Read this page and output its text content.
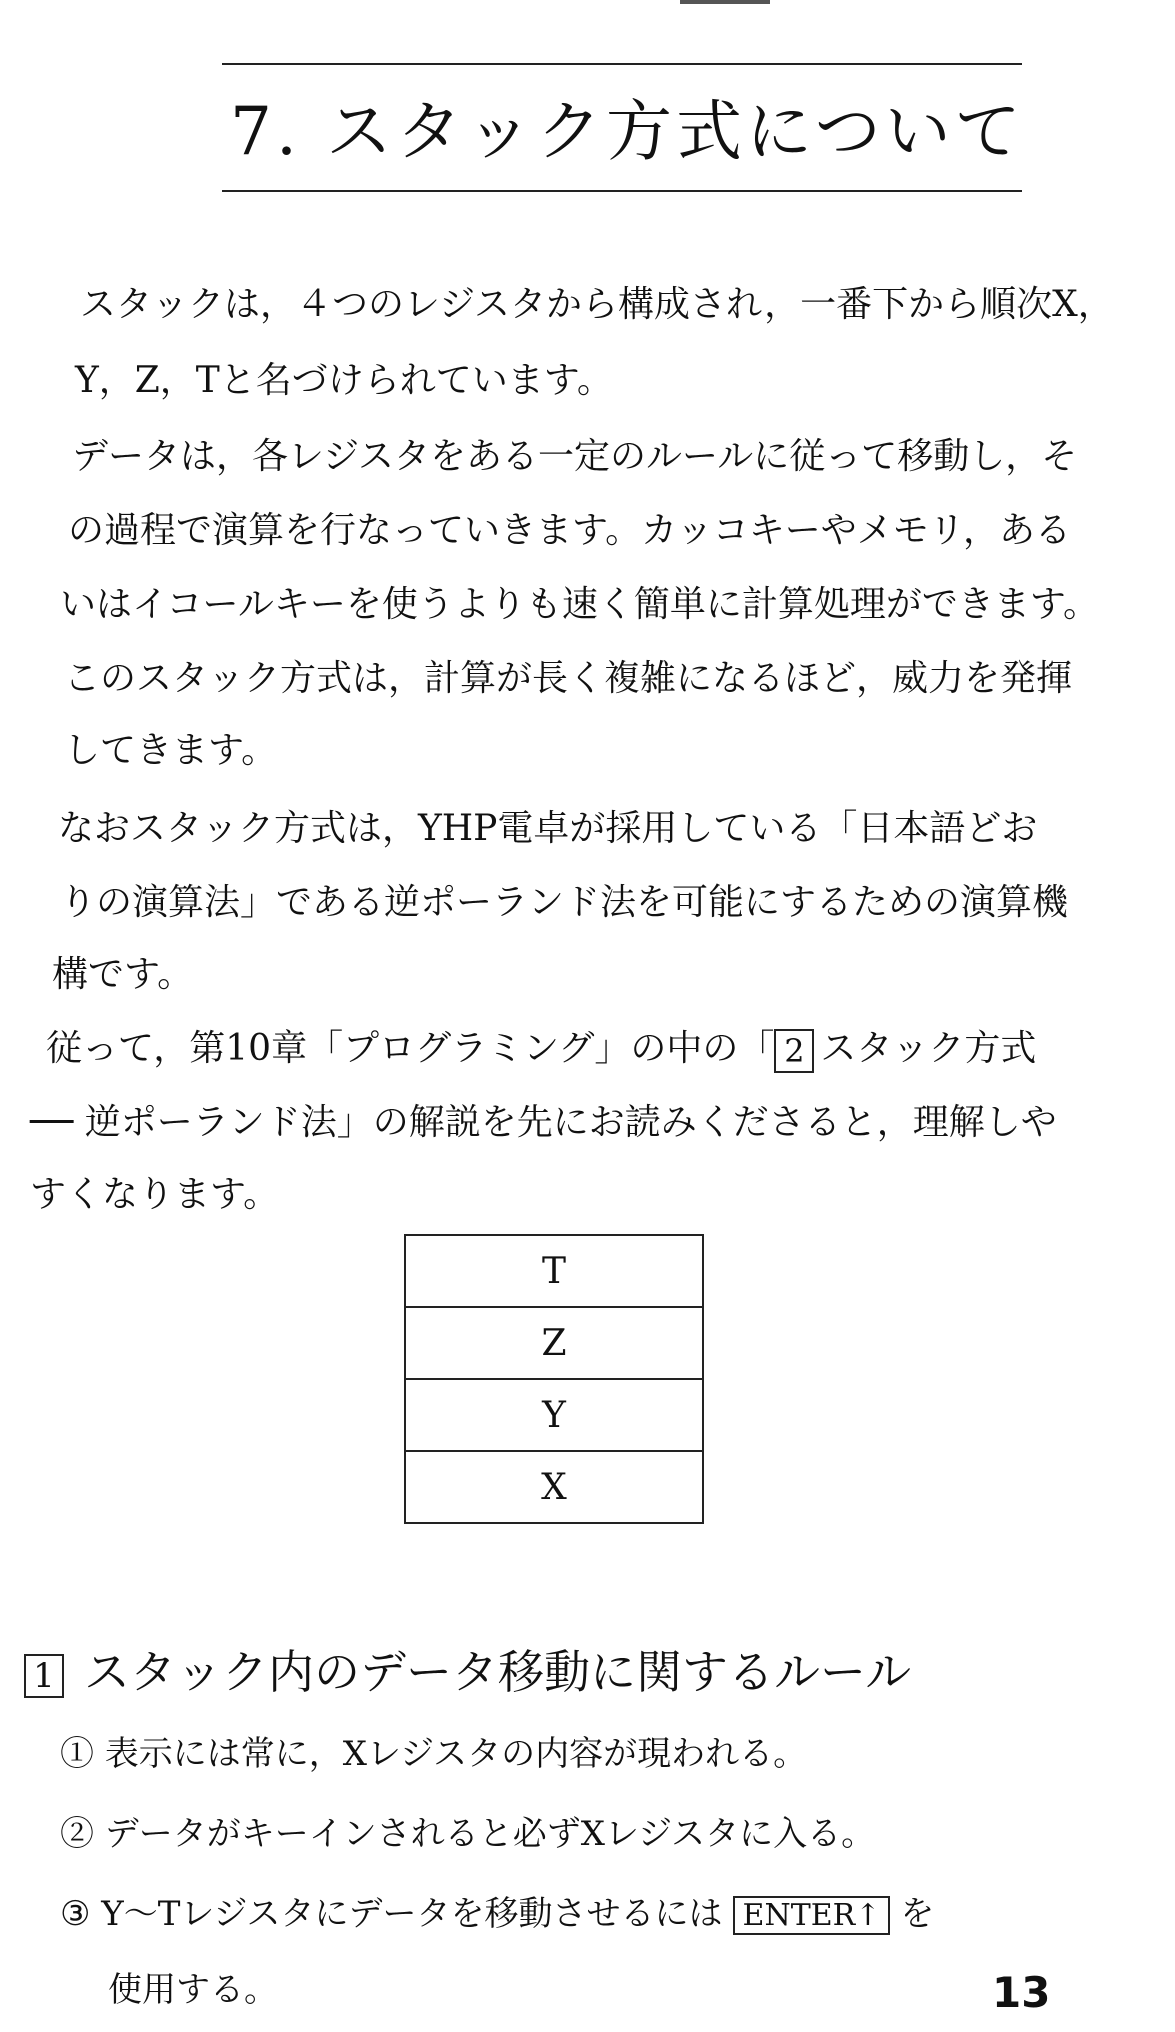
7. スタック方式について
スタックは，４つのレジスタから構成され，一番下から順次X，
Y，Z，Tと名づけられています。
データは，各レジスタをある一定のルールに従って移動し，そ
の過程で演算を行なっていきます。カッコキーやメモリ，ある
いはイコールキーを使うよりも速く簡単に計算処理ができます。
このスタック方式は，計算が長く複雑になるほど，威力を発揮
してきます。
なおスタック方式は，YHP電卓が採用している「日本語どお
りの演算法」である逆ポーランド法を可能にするための演算機
構です。
従って，第10章「プログラミング」の中の「 2 スタック方式
── 逆ポーランド法」の解説を先にお読みくださると，理解しや
すくなります。
T
Z
Y
X
1 スタック内のデータ移動に関するルール
① 表示には常に，Xレジスタの内容が現われる。
② データがキーインされると必ずXレジスタに入る。
③ Y～Tレジスタにデータを移動させるには ENTER↑ を
使用する。	13
